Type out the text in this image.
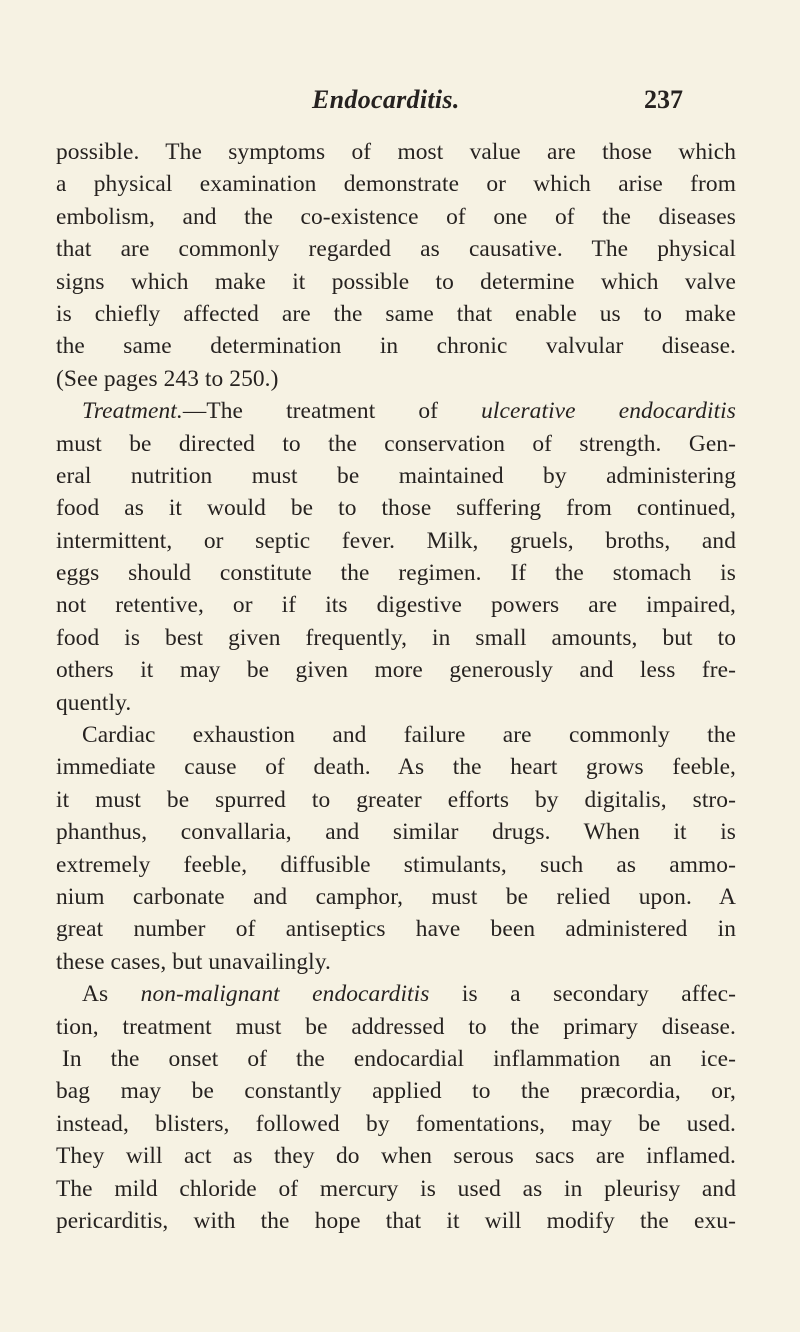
Endocarditis.	237

possible. The symptoms of most value are those which
a physical examination demonstrate or which arise from
embolism, and the co-existence of one of the diseases
that are commonly regarded as causative. The physical
signs which make it possible to determine which valve
is chiefly affected are the same that enable us to make
the same determination in chronic valvular disease.
(See pages 243 to 250.)
Treatment.—The treatment of ulcerative endocarditis
must be directed to the conservation of strength. Gen-
eral nutrition must be maintained by administering
food as it would be to those suffering from continued,
intermittent, or septic fever. Milk, gruels, broths, and
eggs should constitute the regimen. If the stomach is
not retentive, or if its digestive powers are impaired,
food is best given frequently, in small amounts, but to
others it may be given more generously and less fre-
quently.
Cardiac exhaustion and failure are commonly the
immediate cause of death. As the heart grows feeble,
it must be spurred to greater efforts by digitalis, stro-
phanthus, convallaria, and similar drugs. When it is
extremely feeble, diffusible stimulants, such as ammo-
nium carbonate and camphor, must be relied upon. A
great number of antiseptics have been administered in
these cases, but unavailingly.
As non-malignant endocarditis is a secondary affec-
tion, treatment must be addressed to the primary disease.
In the onset of the endocardial inflammation an ice-
bag may be constantly applied to the præcordia, or,
instead, blisters, followed by fomentations, may be used.
They will act as they do when serous sacs are inflamed.
The mild chloride of mercury is used as in pleurisy and
pericarditis, with the hope that it will modify the exu-
